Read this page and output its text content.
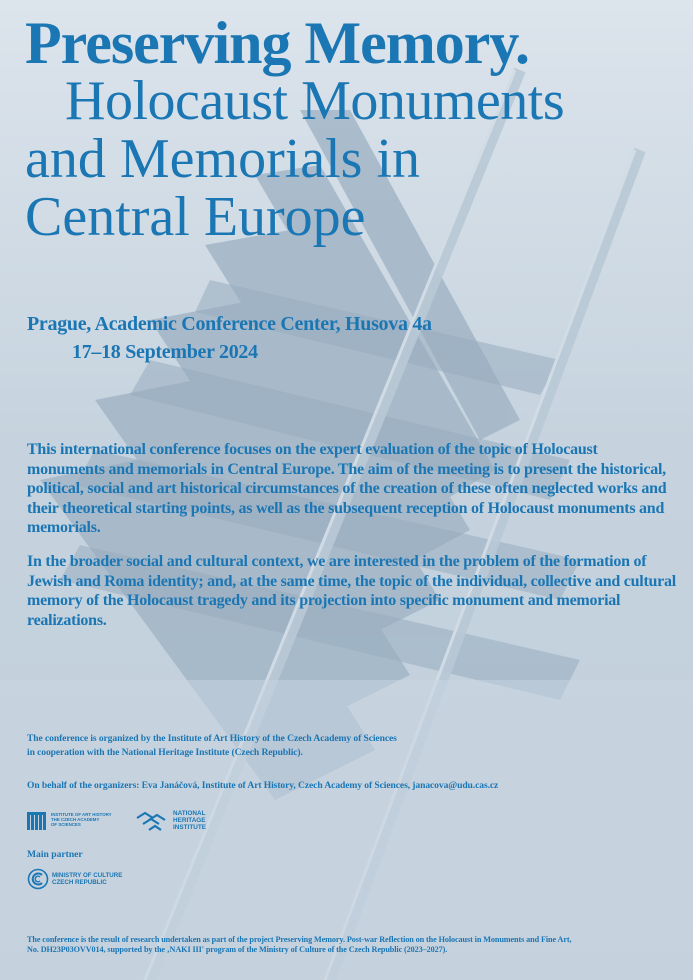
Preserving Memory.
Holocaust Monuments
and Memorials in
Central Europe
Prague, Academic Conference Center, Husova 4a
17–18 September 2024

This international conference focuses on the expert evaluation of the topic of Holocaust monuments and memorials in Central Europe. The aim of the meeting is to present the historical, political, social and art historical circumstances of the creation of these often neglected works and their theoretical starting points, as well as the subsequent reception of Holocaust monuments and memorials.

In the broader social and cultural context, we are interested in the problem of the formation of Jewish and Roma identity; and, at the same time, the topic of the individual, collective and cultural memory of the Holocaust tragedy and its projection into specific monument and memorial realizations.

The conference is organized by the Institute of Art History of the Czech Academy of Sciences
in cooperation with the National Heritage Institute (Czech Republic).
On behalf of the organizers: Eva Janáčová, Institute of Art History, Czech Academy of Sciences, janacova@udu.cas.cz
INSTITUTE OF ART HISTORY
THE CZECH ACADEMY
OF SCIENCES
NATIONAL
HERITAGE
INSTITUTE
Main partner
MINISTRY OF CULTURE
CZECH REPUBLIC
The conference is the result of research undertaken as part of the project Preserving Memory. Post-war Reflection on the Holocaust in Monuments and Fine Art,
No. DH23P03OVV014, supported by the ‚NAKI III' program of the Ministry of Culture of the Czech Republic (2023–2027).
